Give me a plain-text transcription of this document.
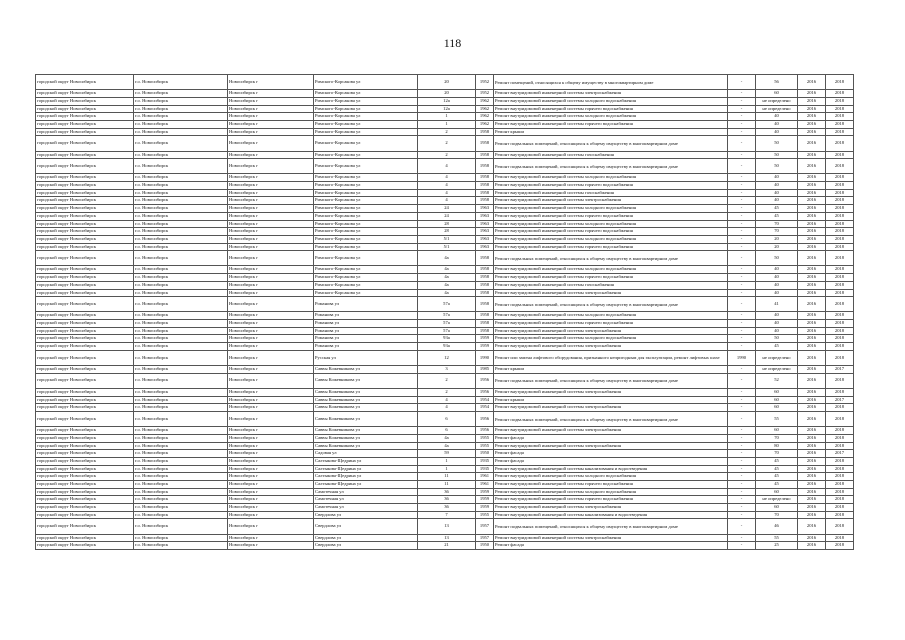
118
городской округ Новосибирск	г.о. Новосибирск	Новосибирск г	Римского-Корсакова ул	20	1952	Ремонт помещений, относящихся к общему имуществу в многоквартирном доме	-	56	2016	2018
городской округ Новосибирск	г.о. Новосибирск	Новосибирск г	Римского-Корсакова ул	20	1952	Ремонт внутридомовой инженерной системы электроснабжения	-	60	2016	2018
городской округ Новосибирск	г.о. Новосибирск	Новосибирск г	Римского-Корсакова ул	12а	1962	Ремонт внутридомовой инженерной системы холодного водоснабжения	-	не определено	2016	2018
городской округ Новосибирск	г.о. Новосибирск	Новосибирск г	Римского-Корсакова ул	12а	1962	Ремонт внутридомовой инженерной системы горячего водоснабжения	-	не определено	2016	2018
городской округ Новосибирск	г.о. Новосибирск	Новосибирск г	Римского-Корсакова ул	1	1962	Ремонт внутридомовой инженерной системы холодного водоснабжения	-	40	2016	2018
городской округ Новосибирск	г.о. Новосибирск	Новосибирск г	Римского-Корсакова ул	1	1962	Ремонт внутридомовой инженерной системы горячего водоснабжения	-	40	2016	2018
городской округ Новосибирск	г.о. Новосибирск	Новосибирск г	Римского-Корсакова ул	2	1958	Ремонт крыши	-	40	2016	2018
городской округ Новосибирск	г.о. Новосибирск	Новосибирск г	Римского-Корсакова ул	2	1958	Ремонт подвальных помещений, относящихся к общему имуществу в многоквартирном доме	-	50	2016	2018
городской округ Новосибирск	г.о. Новосибирск	Новосибирск г	Римского-Корсакова ул	2	1958	Ремонт внутридомовой инженерной системы газоснабжения	-	50	2016	2018
городской округ Новосибирск	г.о. Новосибирск	Новосибирск г	Римского-Корсакова ул	4	1958	Ремонт подвальных помещений, относящихся к общему имуществу в многоквартирном доме	-	50	2016	2018
городской округ Новосибирск	г.о. Новосибирск	Новосибирск г	Римского-Корсакова ул	4	1958	Ремонт внутридомовой инженерной системы холодного водоснабжения	-	40	2016	2018
городской округ Новосибирск	г.о. Новосибирск	Новосибирск г	Римского-Корсакова ул	4	1958	Ремонт внутридомовой инженерной системы горячего водоснабжения	-	40	2016	2018
городской округ Новосибирск	г.о. Новосибирск	Новосибирск г	Римского-Корсакова ул	4	1958	Ремонт внутридомовой инженерной системы газоснабжения	-	40	2016	2018
городской округ Новосибирск	г.о. Новосибирск	Новосибирск г	Римского-Корсакова ул	4	1958	Ремонт внутридомовой инженерной системы электроснабжения	-	40	2016	2018
городской округ Новосибирск	г.о. Новосибирск	Новосибирск г	Римского-Корсакова ул	24	1963	Ремонт внутридомовой инженерной системы холодного водоснабжения	-	45	2016	2018
городской округ Новосибирск	г.о. Новосибирск	Новосибирск г	Римского-Корсакова ул	24	1963	Ремонт внутридомовой инженерной системы горячего водоснабжения	-	45	2016	2018
городской округ Новосибирск	г.о. Новосибирск	Новосибирск г	Римского-Корсакова ул	28	1963	Ремонт внутридомовой инженерной системы холодного водоснабжения	-	70	2016	2018
городской округ Новосибирск	г.о. Новосибирск	Новосибирск г	Римского-Корсакова ул	28	1963	Ремонт внутридомовой инженерной системы горячего водоснабжения	-	70	2016	2018
городской округ Новосибирск	г.о. Новосибирск	Новосибирск г	Римского-Корсакова ул	5/1	1963	Ремонт внутридомовой инженерной системы холодного водоснабжения	-	20	2016	2018
городской округ Новосибирск	г.о. Новосибирск	Новосибирск г	Римского-Корсакова ул	5/1	1963	Ремонт внутридомовой инженерной системы горячего водоснабжения	-	20	2016	2018
городской округ Новосибирск	г.о. Новосибирск	Новосибирск г	Римского-Корсакова ул	4а	1958	Ремонт подвальных помещений, относящихся к общему имуществу в многоквартирном доме	-	50	2016	2018
городской округ Новосибирск	г.о. Новосибирск	Новосибирск г	Римского-Корсакова ул	4а	1958	Ремонт внутридомовой инженерной системы холодного водоснабжения	-	40	2016	2018
городской округ Новосибирск	г.о. Новосибирск	Новосибирск г	Римского-Корсакова ул	4а	1958	Ремонт внутридомовой инженерной системы горячего водоснабжения	-	40	2016	2018
городской округ Новосибирск	г.о. Новосибирск	Новосибирск г	Римского-Корсакова ул	4а	1958	Ремонт внутридомовой инженерной системы газоснабжения	-	40	2016	2018
городской округ Новосибирск	г.о. Новосибирск	Новосибирск г	Римского-Корсакова ул	4а	1958	Ремонт внутридомовой инженерной системы электроснабжения	-	40	2016	2018
городской округ Новосибирск	г.о. Новосибирск	Новосибирск г	Романова ул	57а	1958	Ремонт подвальных помещений, относящихся к общему имуществу в многоквартирном доме	-	41	2016	2018
городской округ Новосибирск	г.о. Новосибирск	Новосибирск г	Романова ул	57а	1958	Ремонт внутридомовой инженерной системы холодного водоснабжения	-	40	2016	2018
городской округ Новосибирск	г.о. Новосибирск	Новосибирск г	Романова ул	57а	1958	Ремонт внутридомовой инженерной системы горячего водоснабжения	-	40	2016	2018
городской округ Новосибирск	г.о. Новосибирск	Новосибирск г	Романова ул	57а	1958	Ремонт внутридомовой инженерной системы электроснабжения	-	40	2016	2018
городской округ Новосибирск	г.о. Новосибирск	Новосибирск г	Романова ул	93а	1959	Ремонт внутридомовой инженерной системы холодного водоснабжения	-	50	2016	2018
городской округ Новосибирск	г.о. Новосибирск	Новосибирск г	Романова ул	93а	1959	Ремонт внутридомовой инженерной системы электроснабжения	-	45	2016	2018
городской округ Новосибирск	г.о. Новосибирск	Новосибирск г	Русская ул	12	1990	Ремонт или замена лифтового оборудования, признанного непригодным для эксплуатации, ремонт лифтовых шахт	1990	не определено	2016	2018
городской округ Новосибирск	г.о. Новосибирск	Новосибирск г	Саввы Кожевникова ул	3	1985	Ремонт крыши	-	не определено	2016	2017
городской округ Новосибирск	г.о. Новосибирск	Новосибирск г	Саввы Кожевникова ул	2	1956	Ремонт подвальных помещений, относящихся к общему имуществу в многоквартирном доме	-	52	2016	2018
городской округ Новосибирск	г.о. Новосибирск	Новосибирск г	Саввы Кожевникова ул	2	1956	Ремонт внутридомовой инженерной системы электроснабжения	-	60	2016	2018
городской округ Новосибирск	г.о. Новосибирск	Новосибирск г	Саввы Кожевникова ул	4	1954	Ремонт крыши	-	60	2016	2017
городской округ Новосибирск	г.о. Новосибирск	Новосибирск г	Саввы Кожевникова ул	4	1954	Ремонт внутридомовой инженерной системы электроснабжения	-	60	2016	2018
городской округ Новосибирск	г.о. Новосибирск	Новосибирск г	Саввы Кожевникова ул	6	1956	Ремонт подвальных помещений, относящихся к общему имуществу в многоквартирном доме	-	55	2016	2018
городской округ Новосибирск	г.о. Новосибирск	Новосибирск г	Саввы Кожевникова ул	6	1956	Ремонт внутридомовой инженерной системы электроснабжения	-	60	2016	2018
городской округ Новосибирск	г.о. Новосибирск	Новосибирск г	Саввы Кожевникова ул	4а	1955	Ремонт фасада	-	70	2016	2018
городской округ Новосибирск	г.о. Новосибирск	Новосибирск г	Саввы Кожевникова ул	4а	1955	Ремонт внутридомовой инженерной системы электроснабжения	-	80	2016	2018
городской округ Новосибирск	г.о. Новосибирск	Новосибирск г	Садовая ул	59	1950	Ремонт фасада	-	70	2016	2017
городской округ Новосибирск	г.о. Новосибирск	Новосибирск г	Салтыкова-Щедрина ул	1	1935	Ремонт фасада	-	45	2016	2018
городской округ Новосибирск	г.о. Новосибирск	Новосибирск г	Салтыкова-Щедрина ул	1	1935	Ремонт внутридомовой инженерной системы канализования и водоотведения	-	45	2016	2018
городской округ Новосибирск	г.о. Новосибирск	Новосибирск г	Салтыкова-Щедрина ул	11	1961	Ремонт внутридомовой инженерной системы холодного водоснабжения	-	45	2016	2018
городской округ Новосибирск	г.о. Новосибирск	Новосибирск г	Салтыкова-Щедрина ул	11	1961	Ремонт внутридомовой инженерной системы горячего водоснабжения	-	45	2016	2018
городской округ Новосибирск	г.о. Новосибирск	Новосибирск г	Самотечная ул	36	1959	Ремонт внутридомовой инженерной системы холодного водоснабжения	-	60	2016	2018
городской округ Новосибирск	г.о. Новосибирск	Новосибирск г	Самотечная ул	36	1959	Ремонт внутридомовой инженерной системы горячего водоснабжения	-	не определено	2016	2018
городской округ Новосибирск	г.о. Новосибирск	Новосибирск г	Самотечная ул	36	1959	Ремонт внутридомовой инженерной системы электроснабжения	-	60	2016	2018
городской округ Новосибирск	г.о. Новосибирск	Новосибирск г	Свердлова ул	7	1955	Ремонт внутридомовой инженерной системы канализования и водоотведения	-	70	2016	2018
городской округ Новосибирск	г.о. Новосибирск	Новосибирск г	Свердлова ул	13	1957	Ремонт подвальных помещений, относящихся к общему имуществу в многоквартирном доме	-	46	2016	2018
городской округ Новосибирск	г.о. Новосибирск	Новосибирск г	Свердлова ул	13	1957	Ремонт внутридомовой инженерной системы электроснабжения	-	55	2016	2018
городской округ Новосибирск	г.о. Новосибирск	Новосибирск г	Свердлова ул	21	1950	Ремонт фасада	-	25	2016	2018
